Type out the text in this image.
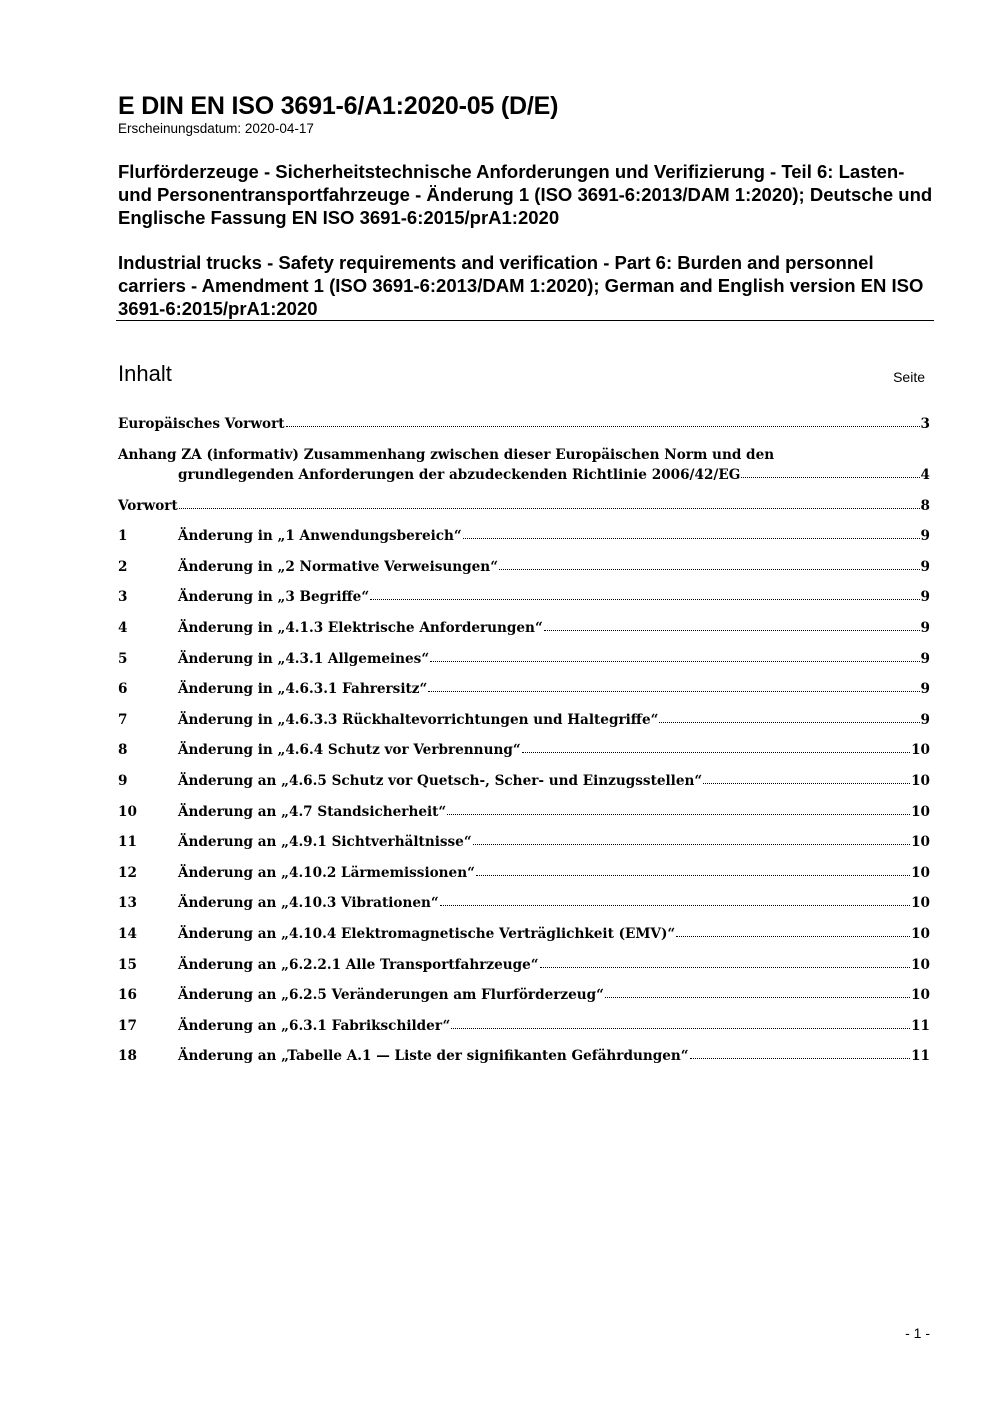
E DIN EN ISO 3691-6/A1:2020-05 (D/E)
Erscheinungsdatum: 2020-04-17
Flurförderzeuge - Sicherheitstechnische Anforderungen und Verifizierung - Teil 6: Lasten- und Personentransportfahrzeuge - Änderung 1 (ISO 3691-6:2013/DAM 1:2020); Deutsche und Englische Fassung EN ISO 3691-6:2015/prA1:2020
Industrial trucks - Safety requirements and verification - Part 6: Burden and personnel carriers - Amendment 1 (ISO 3691-6:2013/DAM 1:2020); German and English version EN ISO 3691-6:2015/prA1:2020
Inhalt	Seite
Europäisches Vorwort	3
Anhang ZA (informativ) Zusammenhang zwischen dieser Europäischen Norm und den
grundlegenden Anforderungen der abzudeckenden Richtlinie 2006/42/EG	4
Vorwort	8
1	Änderung in „1 Anwendungsbereich“	9
2	Änderung in „2 Normative Verweisungen“	9
3	Änderung in „3 Begriffe“	9
4	Änderung in „4.1.3 Elektrische Anforderungen“	9
5	Änderung in „4.3.1 Allgemeines“	9
6	Änderung in „4.6.3.1 Fahrersitz“	9
7	Änderung in „4.6.3.3 Rückhaltevorrichtungen und Haltegriffe“	9
8	Änderung in „4.6.4 Schutz vor Verbrennung“	10
9	Änderung an „4.6.5 Schutz vor Quetsch-, Scher- und Einzugsstellen“	10
10	Änderung an „4.7 Standsicherheit“	10
11	Änderung an „4.9.1 Sichtverhältnisse“	10
12	Änderung an „4.10.2 Lärmemissionen“	10
13	Änderung an „4.10.3 Vibrationen“	10
14	Änderung an „4.10.4 Elektromagnetische Verträglichkeit (EMV)“	10
15	Änderung an „6.2.2.1 Alle Transportfahrzeuge“	10
16	Änderung an „6.2.5 Veränderungen am Flurförderzeug“	10
17	Änderung an „6.3.1 Fabrikschilder“	11
18	Änderung an „Tabelle A.1 — Liste der signifikanten Gefährdungen“	11
- 1 -
